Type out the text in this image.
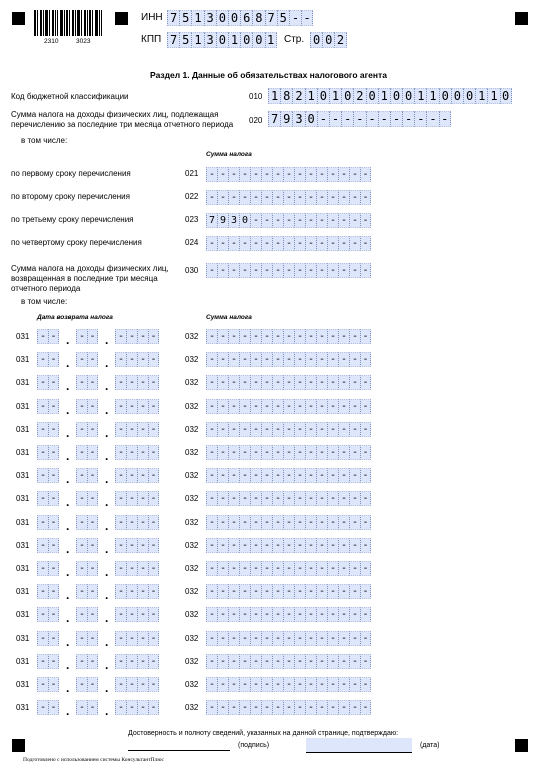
2310	3023
ИНН 7 5 1 3 0 0 6 8 7 5 - -
КПП 7 5 1 3 0 1 0 0 1 Стр. 0 0 2
Раздел 1. Данные об обязательствах налогового агента
Код бюджетной классификации	010 1 8 2 1 0 1 0 2 0 1 0 0 1 1 0 0 0 1 1 0
Сумма налога на доходы физических лиц, подлежащая перечислению за последние три месяца отчетного периода	020 7 9 3 0 - - - - - - - - - - -
в том числе:
Сумма налога
по первому сроку перечисления	021 - - - - - - - - - - - - - - -
по второму сроку перечисления	022 - - - - - - - - - - - - - - -
по третьему сроку перечисления	023 7 9 3 0 - - - - - - - - - - -
по четвертому сроку перечисления	024 - - - - - - - - - - - - - - -
Сумма налога на доходы физических лиц, возвращенная в последние три месяца отчетного периода
030 - - - - - - - - - - - - - - -
в том числе:
Дата возврата налога	Сумма налога
031 - - . - - . - - - -	032 - - - - - - - - - - - - - - -
031 - - . - - . - - - -	032 - - - - - - - - - - - - - - -
031 - - . - - . - - - -	032 - - - - - - - - - - - - - - -
031 - - . - - . - - - -	032 - - - - - - - - - - - - - - -
031 - - . - - . - - - -	032 - - - - - - - - - - - - - - -
031 - - . - - . - - - -	032 - - - - - - - - - - - - - - -
031 - - . - - . - - - -	032 - - - - - - - - - - - - - - -
031 - - . - - . - - - -	032 - - - - - - - - - - - - - - -
031 - - . - - . - - - -	032 - - - - - - - - - - - - - - -
031 - - . - - . - - - -	032 - - - - - - - - - - - - - - -
031 - - . - - . - - - -	032 - - - - - - - - - - - - - - -
031 - - . - - . - - - -	032 - - - - - - - - - - - - - - -
031 - - . - - . - - - -	032 - - - - - - - - - - - - - - -
031 - - . - - . - - - -	032 - - - - - - - - - - - - - - -
031 - - . - - . - - - -	032 - - - - - - - - - - - - - - -
031 - - . - - . - - - -	032 - - - - - - - - - - - - - - -
031 - - . - - . - - - -	032 - - - - - - - - - - - - - - -
Достоверность и полноту сведений, указанных на данной странице, подтверждаю:
(подпись)	(дата)
Подготовлено с использованием системы КонсультантПлюс
